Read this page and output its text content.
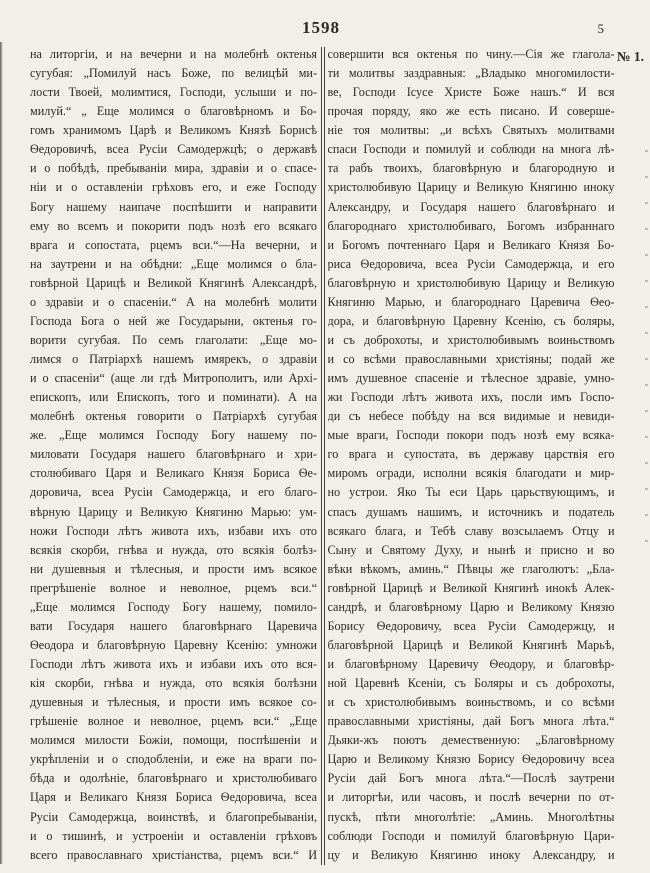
1598	5
№ 1.
на литоргіи, и на вечерни и на молебнѣ октенья
сугубая: „Помилуй насъ Боже, по велицѣй ми-
лости Твоей, молимтися, Господи, услыши и по-
милуй.“ „ Еще молимся о благовѣрномъ и Бо-
гомъ хранимомъ Царѣ и Великомъ Князѣ Борисѣ
Ѳедоровичѣ, всеа Русіи Самодержцѣ; о державѣ
и о побѣдѣ, пребываніи мира, здравіи и о спасе-
ніи и о оставленіи грѣховъ его, и еже Господу
Богу нашему наипаче поспѣшити и направити
ему во всемъ и покорити подъ нозѣ его всякаго
врага и сопостата, рцемъ вси.“—На вечерни, и
на заутрени и на обѣдни: „Еще молимся о бла-
говѣрной Царицѣ и Великой Княгинѣ Александрѣ,
о здравіи и о спасеніи.“ А на молебнѣ молити
Господа Бога о ней же Государыни, октенья го-
ворити сугубая. По семъ глаголати: „Еще мо-
лимся о Патріархѣ нашемъ имярекъ, о здравіи
и о спасеніи“ (аще ли гдѣ Митрополитъ, или Архі-
епископъ, или Епископъ, того и поминати). А на
молебнѣ октенья говорити о Патріархѣ сугубая
же. „Еще молимся Господу Богу нашему по-
миловати Государя нашего благовѣрнаго и хри-
столюбиваго Царя и Великаго Князя Бориса Ѳе-
доровича, всеа Русіи Самодержца, и его благо-
вѣрную Царицу и Великую Княгиню Марью: ум-
ножи Господи лѣтъ живота ихъ, избави ихъ ото
всякія скорби, гнѣва и нужда, ото всякія болѣз-
ни душевныя и тѣлесныя, и прости имъ всякое
прегрѣшеніе волное и неволное, рцемъ вси.“
„Еще молимся Господу Богу нашему, помило-
вати Государя нашего благовѣрнаго Царевича
Ѳеодора и благовѣрную Царевну Ксенію: умножи
Господи лѣтъ живота ихъ и избави ихъ ото вся-
кія скорби, гнѣва и нужда, ото всякія болѣзни
душевныя и тѣлесныя, и прости имъ всякое со-
грѣшеніе волное и неволное, рцемъ вси.“ „Еще
молимся милости Божіи, помощи, поспѣшеніи и
укрѣпленіи и о сподобленіи, и еже на враги по-
бѣда и одолѣніе, благовѣрнаго и христолюбиваго
Царя и Великаго Князя Бориса Ѳедоровича, всеа
Русіи Самодержца, воинствѣ, и благопребываніи,
и о тишинѣ, и устроеніи и оставленіи грѣховъ
всего православнаго христіанства, рцемъ вси.“ И
совершити вся октенья по чину.—Сія же глагола-
ти молитвы заздравныя: „Владыко многомилости-
ве, Господи Ісусе Христе Боже нашъ.“ И вся
прочая поряду, яко же есть писано. И соверше-
ніе тоя молитвы: „и всѣхъ Святыхъ молитвами
спаси Господи и помилуй и соблюди на многа лѣ-
та рабъ твоихъ, благовѣрную и благородную и
христолюбивую Царицу и Великую Княгиню иноку
Александру, и Государя нашего благовѣрнаго и
благороднаго христолюбиваго, Богомъ избраннаго
и Богомъ почтеннаго Царя и Великаго Князя Бо-
риса Ѳедоровича, всеа Русіи Самодержца, и его
благовѣрную и христолюбивую Царицу и Великую
Княгиню Марью, и благороднаго Царевича Ѳео-
дора, и благовѣрную Царевну Ксенію, съ боляры,
и съ доброхоты, и христолюбивымъ воиньствомъ
и со всѣми православными христіяны; подай же
имъ душевное спасеніе и тѣлесное здравіе, умно-
жи Господи лѣтъ живота ихъ, посли имъ Госпо-
ди съ небесе побѣду на вся видимые и невиди-
мые враги, Господи покори подъ нозѣ ему всяка-
го врага и супостата, въ державу царствія его
миромъ огради, исполни всякія благодати и мир-
но устрои. Яко Ты еси Царь царьствующимъ, и
спасъ душамъ нашимъ, и источникъ и податель
всякаго блага, и Тебѣ славу возсылаемъ Отцу и
Сыну и Святому Духу, и нынѣ и присно и во
вѣки вѣкомъ, аминь.“ Пѣвцы же глаголютъ: „Бла-
говѣрной Царицѣ и Великой Княгинѣ инокѣ Алек-
сандрѣ, и благовѣрному Царю и Великому Князю
Борису Ѳедоровичу, всеа Русіи Самодержцу, и
благовѣрной Царицѣ и Великой Княгинѣ Марьѣ,
и благовѣрному Царевичу Ѳеодору, и благовѣр-
ной Царевнѣ Ксеніи, съ Боляры и съ доброхоты,
и съ христолюбивымъ воиньствомъ, и со всѣми
православными христіяны, дай Богъ многа лѣта.“
Дьяки-жъ поютъ демественную: „Благовѣрному
Царю и Великому Князю Борису Ѳедоровичу всеа
Русіи дай Богъ многа лѣта.“—Послѣ заутрени
и литоргѣи, или часовъ, и послѣ вечерни по от-
пускѣ, пѣти многолѣтіе: „Аминь. Многолѣтны
соблюди Господи и помилуй благовѣрную Цари-
цу и Великую Княгиню иноку Александру, и
